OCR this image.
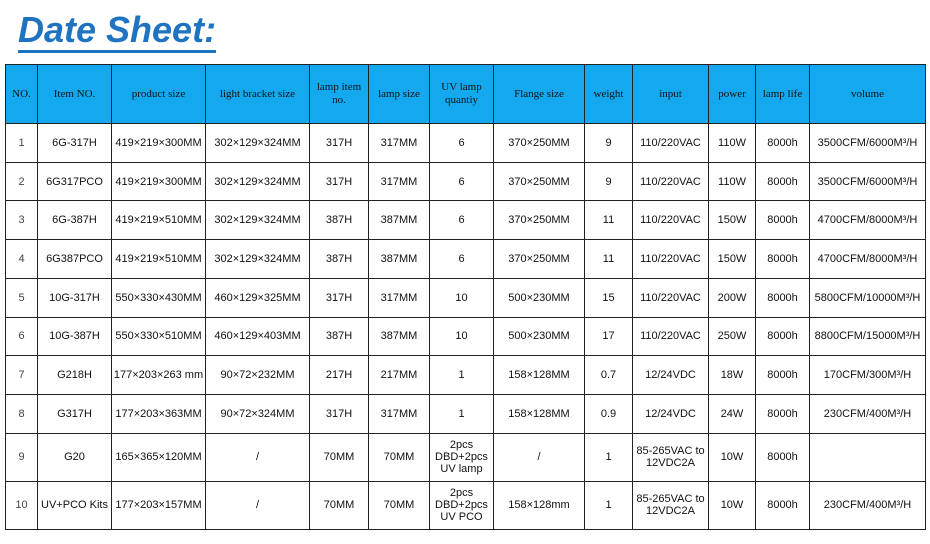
Date Sheet:
NO.	Item NO.	product size	light bracket size	lamp item no.	lamp size	UV lamp quantiy	Flange size	weight	input	power	lamp life	volume
1	6G-317H	419×219×300MM	302×129×324MM	317H	317MM	6	370×250MM	9	110/220VAC	110W	8000h	3500CFM/6000M³/H
2	6G317PCO	419×219×300MM	302×129×324MM	317H	317MM	6	370×250MM	9	110/220VAC	110W	8000h	3500CFM/6000M³/H
3	6G-387H	419×219×510MM	302×129×324MM	387H	387MM	6	370×250MM	11	110/220VAC	150W	8000h	4700CFM/8000M³/H
4	6G387PCO	419×219×510MM	302×129×324MM	387H	387MM	6	370×250MM	11	110/220VAC	150W	8000h	4700CFM/8000M³/H
5	10G-317H	550×330×430MM	460×129×325MM	317H	317MM	10	500×230MM	15	110/220VAC	200W	8000h	5800CFM/10000M³/H
6	10G-387H	550×330×510MM	460×129×403MM	387H	387MM	10	500×230MM	17	110/220VAC	250W	8000h	8800CFM/15000M³/H
7	G218H	177×203×263 mm	90×72×232MM	217H	217MM	1	158×128MM	0.7	12/24VDC	18W	8000h	170CFM/300M³/H
8	G317H	177×203×363MM	90×72×324MM	317H	317MM	1	158×128MM	0.9	12/24VDC	24W	8000h	230CFM/400M³/H
9	G20	165×365×120MM	/	70MM	70MM	2pcs DBD+2pcs UV lamp	/	1	85-265VAC to 12VDC2A	10W	8000h	
10	UV+PCO Kits	177×203×157MM	/	70MM	70MM	2pcs DBD+2pcs UV PCO	158×128mm	1	85-265VAC to 12VDC2A	10W	8000h	230CFM/400M³/H
